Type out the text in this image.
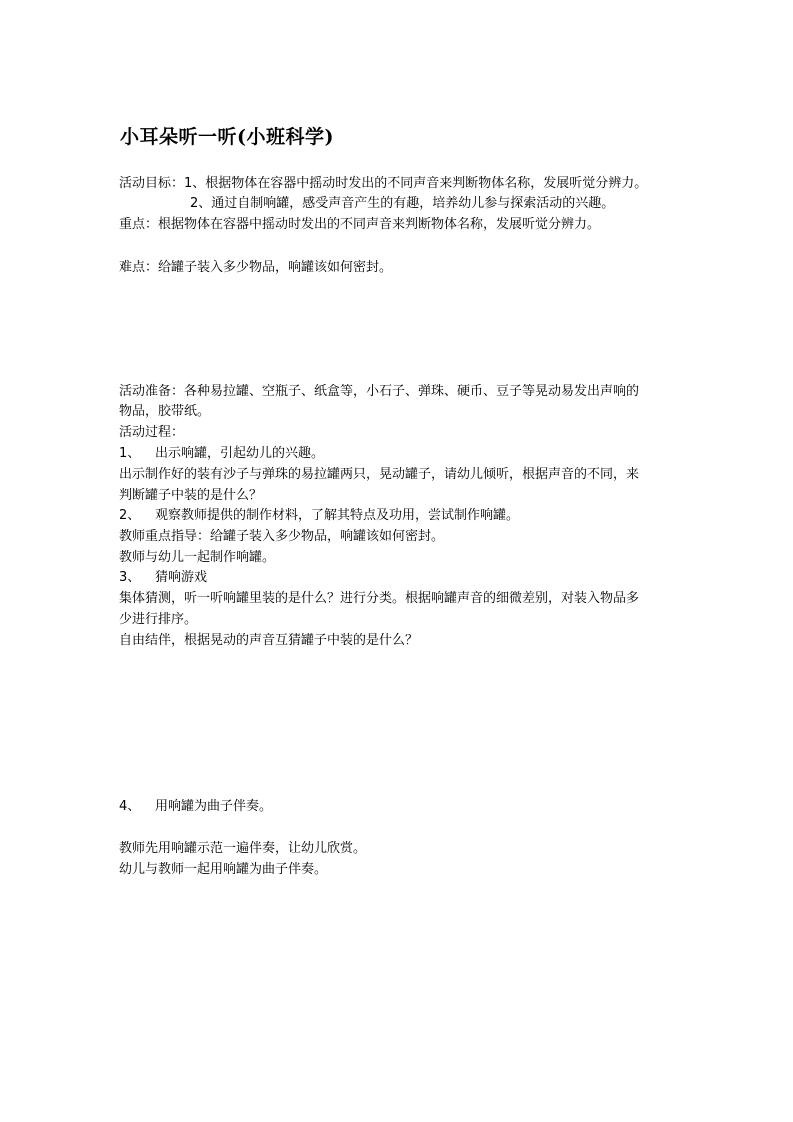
小耳朵听一听(小班科学)
活动目标：1、根据物体在容器中摇动时发出的不同声音来判断物体名称，发展听觉分辨力。
2、通过自制响罐，感受声音产生的有趣，培养幼儿参与探索活动的兴趣。
重点：根据物体在容器中摇动时发出的不同声音来判断物体名称，发展听觉分辨力。
难点：给罐子装入多少物品，响罐该如何密封。
活动准备：各种易拉罐、空瓶子、纸盒等，小石子、弹珠、硬币、豆子等晃动易发出声响的
物品，胶带纸。
活动过程：
1、 出示响罐，引起幼儿的兴趣。
出示制作好的装有沙子与弹珠的易拉罐两只，晃动罐子，请幼儿倾听，根据声音的不同，来
判断罐子中装的是什么？
2、 观察教师提供的制作材料，了解其特点及功用，尝试制作响罐。
教师重点指导：给罐子装入多少物品，响罐该如何密封。
教师与幼儿一起制作响罐。
3、 猜响游戏
集体猜测，听一听响罐里装的是什么？进行分类。根据响罐声音的细微差别，对装入物品多
少进行排序。
自由结伴，根据晃动的声音互猜罐子中装的是什么？
4、 用响罐为曲子伴奏。
教师先用响罐示范一遍伴奏，让幼儿欣赏。
幼儿与教师一起用响罐为曲子伴奏。
